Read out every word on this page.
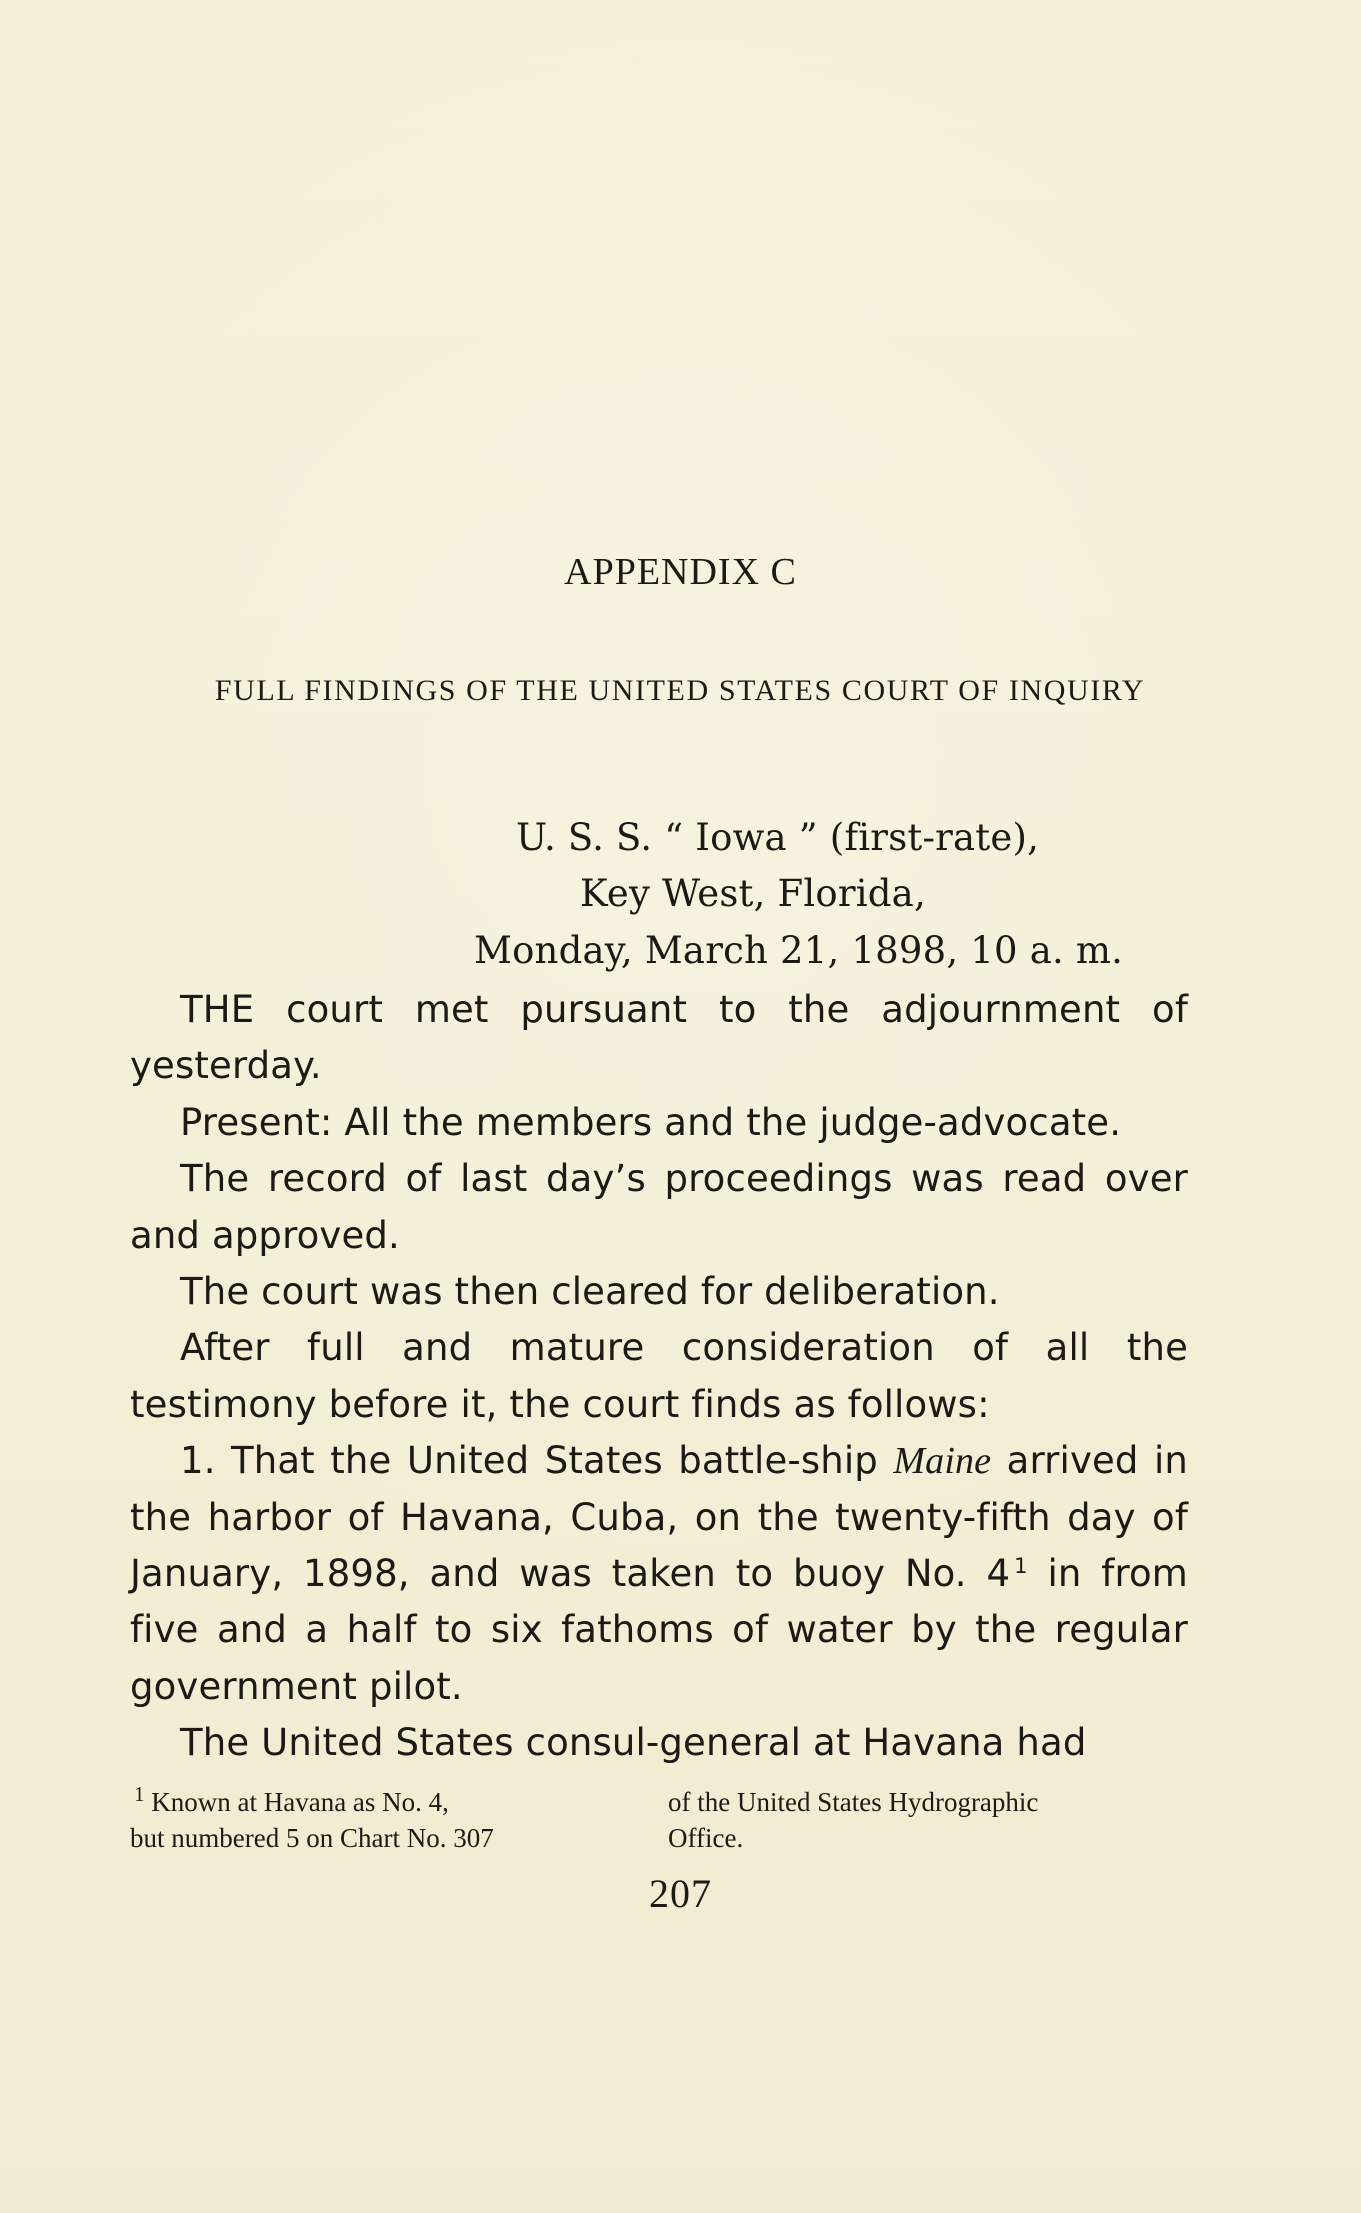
APPENDIX C
FULL FINDINGS OF THE UNITED STATES COURT OF INQUIRY
U. S. S. “ Iowa ” (first-rate),
Key West, Florida,
Monday, March 21, 1898, 10 a. m.

THE court met pursuant to the adjournment of yesterday.

Present: All the members and the judge-advocate.

The record of last day’s proceedings was read over and approved.

The court was then cleared for deliberation.

After full and mature consideration of all the testimony before it, the court finds as follows:

1. That the United States battle-ship Maine arrived in the harbor of Havana, Cuba, on the twenty-fifth day of January, 1898, and was taken to buoy No. 4 $^1$ in from five and a half to six fathoms of water by the regular government pilot.

The United States consul-general at Havana had

$^1$ Known at Havana as No. 4,	of the United States Hydrographic
but numbered 5 on Chart No. 307	Office.
207
